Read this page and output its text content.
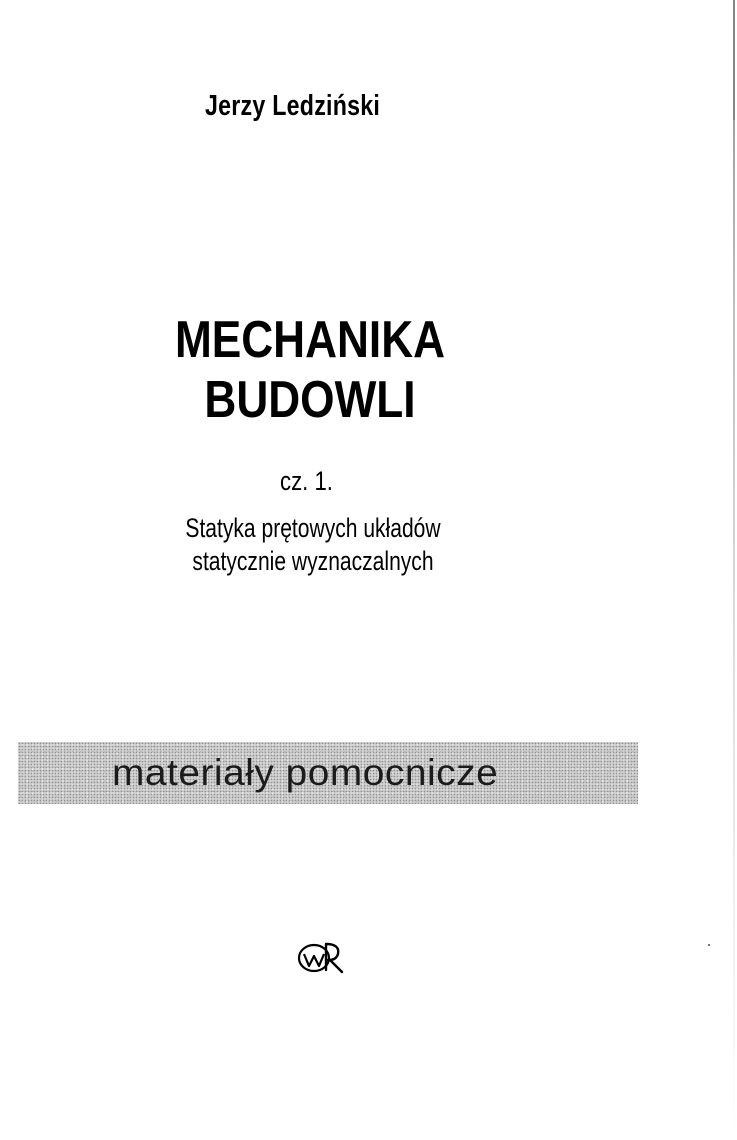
Jerzy Ledziński
MECHANIKA
BUDOWLI
cz. 1.
Statyka prętowych układów
statycznie wyznaczalnych
materiały pomocnicze
